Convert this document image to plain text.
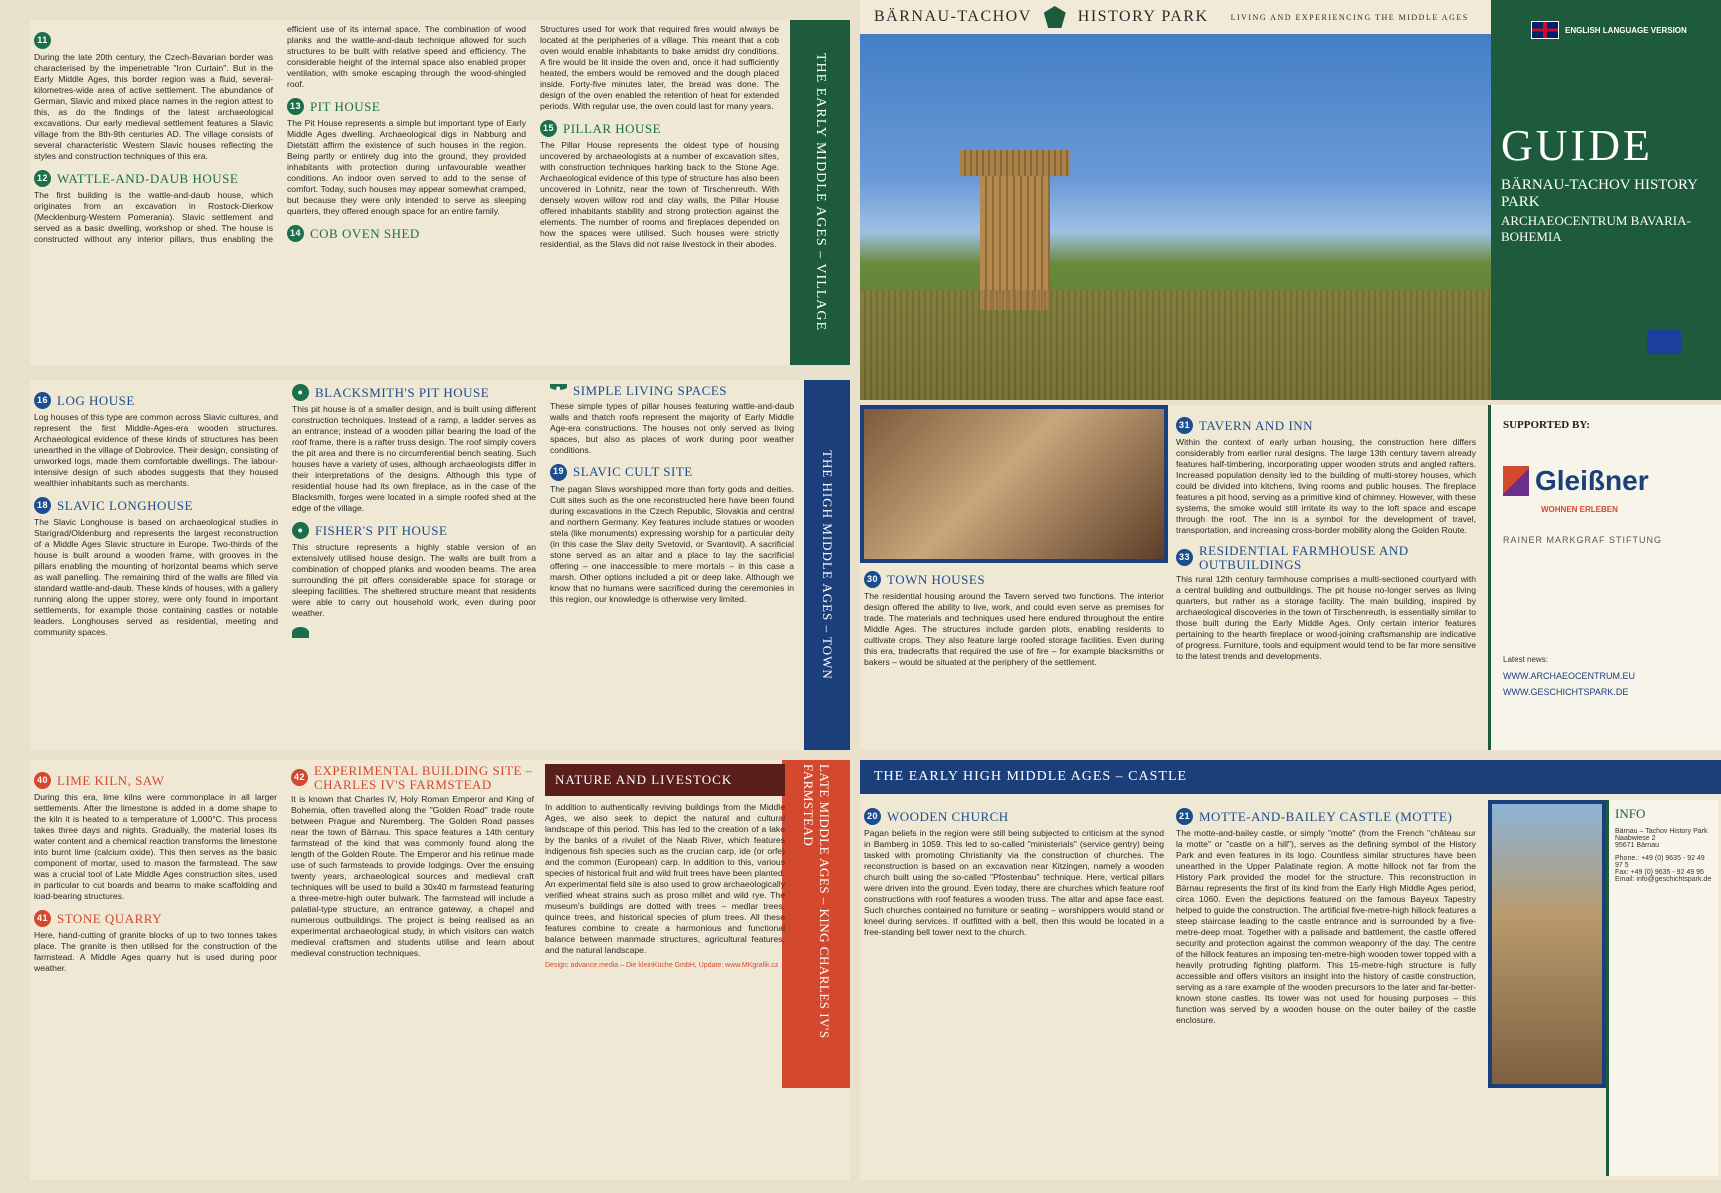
THE EARLY MIDDLE AGES – VILLAGE
11

During the late 20th century, the Czech-Bavarian border was characterised by the impenetrable "Iron Curtain". But in the Early Middle Ages, this border region was a fluid, several-kilometres-wide area of active settlement. The abundance of German, Slavic and mixed place names in the region attest to this, as do the findings of the latest archaeological excavations. Our early medieval settlement features a Slavic village from the 8th-9th centuries AD. The village consists of several characteristic Western Slavic houses reflecting the styles and construction techniques of this era.

12 WATTLE-AND-DAUB HOUSE

The first building is the wattle-and-daub house, which originates from an excavation in Rostock-Dierkow (Mecklenburg-Western Pomerania). Slavic settlement and served as a basic dwelling, workshop or shed. The house is constructed without any interior pillars, thus enabling the efficient use of its internal space. The combination of wood planks and the wattle-and-daub technique allowed for such structures to be built with relative speed and efficiency. The considerable height of the internal space also enabled proper ventilation, with smoke escaping through the wood-shingled roof.

13 PIT HOUSE

The Pit House represents a simple but important type of Early Middle Ages dwelling. Archaeological digs in Nabburg and Dietstätt affirm the existence of such houses in the region. Being partly or entirely dug into the ground, they provided inhabitants with protection during unfavourable weather conditions. An indoor oven served to add to the sense of comfort. Today, such houses may appear somewhat cramped, but because they were only intended to serve as sleeping quarters, they offered enough space for an entire family.

14 COB OVEN SHED

Structures used for work that required fires would always be located at the peripheries of a village. This meant that a cob oven would enable inhabitants to bake amidst dry conditions. A fire would be lit inside the oven and, once it had sufficiently heated, the embers would be removed and the dough placed inside. Forty-five minutes later, the bread was done. The design of the oven enabled the retention of heat for extended periods. With regular use, the oven could last for many years.

15 PILLAR HOUSE

The Pillar House represents the oldest type of housing uncovered by archaeologists at a number of excavation sites, with construction techniques harking back to the Stone Age. Archaeological evidence of this type of structure has also been uncovered in Lohnitz, near the town of Tirschenreuth. With densely woven willow rod and clay walls, the Pillar House offered inhabitants stability and strong protection against the elements. The number of rooms and fireplaces depended on how the spaces were utilised. Such houses were strictly residential, as the Slavs did not raise livestock in their abodes.

ENGLISH LANGUAGE VERSION
GUIDE
BÄRNAU-TACHOV HISTORY PARK
ARCHAEOCENTRUM BAVARIA-BOHEMIA
BÄRNAU-TACHOV	HISTORY PARK	LIVING AND EXPERIENCING THE MIDDLE AGES
THE HIGH MIDDLE AGES – TOWN
16 LOG HOUSE

Log houses of this type are common across Slavic cultures, and represent the first Middle-Ages-era wooden structures. Archaeological evidence of these kinds of structures has been unearthed in the village of Dobrovice. Their design, consisting of unworked logs, made them comfortable dwellings. The labour-intensive design of such abodes suggests that they housed wealthier inhabitants such as merchants.

18 SLAVIC LONGHOUSE

The Slavic Longhouse is based on archaeological studies in Starigrad/Oldenburg and represents the largest reconstruction of a Middle Ages Slavic structure in Europe. Two-thirds of the house is built around a wooden frame, with grooves in the pillars enabling the mounting of horizontal beams which serve as wall panelling. The remaining third of the walls are filled via standard wattle-and-daub. These kinds of houses, with a gallery running along the upper storey, were only found in important settlements, for example those containing castles or notable leaders. Longhouses served as residential, meeting and community spaces.

● BLACKSMITH'S PIT HOUSE

This pit house is of a smaller design, and is built using different construction techniques. Instead of a ramp, a ladder serves as an entrance; instead of a wooden pillar bearing the load of the roof frame, there is a rafter truss design. The roof simply covers the pit area and there is no circumferential bench seating. Such houses have a variety of uses, although archaeologists differ in their interpretations of the designs. Although this type of residential house had its own fireplace, as in the case of the Blacksmith, forges were located in a simple roofed shed at the edge of the village.

● FISHER'S PIT HOUSE

This structure represents a highly stable version of an extensively utilised house design. The walls are built from a combination of chopped planks and wooden beams. The area surrounding the pit offers considerable space for storage or sleeping facilities. The sheltered structure meant that residents were able to carry out household work, even during poor weather.

● SIMPLE LIVING SPACES

These simple types of pillar houses featuring wattle-and-daub walls and thatch roofs represent the majority of Early Middle Age-era constructions. The houses not only served as living spaces, but also as places of work during poor weather conditions.

19 SLAVIC CULT SITE

The pagan Slavs worshipped more than forty gods and deities. Cult sites such as the one reconstructed here have been found during excavations in the Czech Republic, Slovakia and central and northern Germany. Key features include statues or wooden stela (like monuments) expressing worship for a particular deity (in this case the Slav deity Svetovid, or Svantovit). A sacrificial stone served as an altar and a place to lay the sacrificial offering – one inaccessible to mere mortals – in this case a marsh. Other options included a pit or deep lake. Although we know that no humans were sacrificed during the ceremonies in this region, our knowledge is otherwise very limited.

30 TOWN HOUSES

The residential housing around the Tavern served two functions. The interior design offered the ability to live, work, and could even serve as premises for trade. The materials and techniques used here endured throughout the entire Middle Ages. The structures include garden plots, enabling residents to cultivate crops. They also feature large roofed storage facilities. Even during this era, tradecrafts that required the use of fire – for example blacksmiths or bakers – would be situated at the periphery of the settlement.

31 TAVERN AND INN

Within the context of early urban housing, the construction here differs considerably from earlier rural designs. The large 13th century tavern already features half-timbering, incorporating upper wooden struts and angled rafters. Increased population density led to the building of multi-storey houses, which could be divided into kitchens, living rooms and public houses. The fireplace features a pit hood, serving as a primitive kind of chimney. However, with these systems, the smoke would still irritate its way to the loft space and escape through the roof. The inn is a symbol for the development of travel, transportation, and increasing cross-border mobility along the Golden Route.

33 RESIDENTIAL FARMHOUSE AND OUTBUILDINGS

This rural 12th century farmhouse comprises a multi-sectioned courtyard with a central building and outbuildings. The pit house no-longer serves as living quarters, but rather as a storage facility. The main building, inspired by archaeological discoveries in the town of Tirschenreuth, is essentially similar to those built during the Early Middle Ages. Only certain interior features pertaining to the hearth fireplace or wood-joining craftsmanship are indicative of progress. Furniture, tools and equipment would tend to be far more sensitive to the latest trends and developments.

SUPPORTED BY:
Gleißner
WOHNEN ERLEBEN
RAINER MARKGRAF STIFTUNG
Latest news:
WWW.ARCHAEOCENTRUM.EU
WWW.GESCHICHTSPARK.DE
LATE MIDDLE AGES – KING CHARLES IV'S FARMSTEAD
40 LIME KILN, SAW

During this era, lime kilns were commonplace in all larger settlements. After the limestone is added in a dome shape to the kiln it is heated to a temperature of 1,000°C. This process takes three days and nights. Gradually, the material loses its water content and a chemical reaction transforms the limestone into burnt lime (calcium oxide). This then serves as the basic component of mortar, used to mason the farmstead. The saw was a crucial tool of Late Middle Ages construction sites, used in particular to cut boards and beams to make scaffolding and load-bearing structures.

41 STONE QUARRY

Here, hand-cutting of granite blocks of up to two tonnes takes place. The granite is then utilised for the construction of the farmstead. A Middle Ages quarry hut is used during poor weather.

42 EXPERIMENTAL BUILDING SITE – CHARLES IV'S FARMSTEAD

It is known that Charles IV, Holy Roman Emperor and King of Bohemia, often travelled along the "Golden Road" trade route between Prague and Nuremberg. The Golden Road passes near the town of Bärnau. This space features a 14th century farmstead of the kind that was commonly found along the length of the Golden Route. The Emperor and his retinue made use of such farmsteads to provide lodgings. Over the ensuing twenty years, archaeological sources and medieval craft techniques will be used to build a 30x40 m farmstead featuring a three-metre-high outer bulwark. The farmstead will include a palatial-type structure, an entrance gateway, a chapel and numerous outbuildings. The project is being realised as an experimental archaeological study, in which visitors can watch medieval craftsmen and students utilise and learn about medieval construction techniques.

NATURE AND LIVESTOCK

In addition to authentically reviving buildings from the Middle Ages, we also seek to depict the natural and cultural landscape of this period. This has led to the creation of a lake by the banks of a rivulet of the Naab River, which features indigenous fish species such as the crucian carp, ide (or orfe) and the common (European) carp. In addition to this, various species of historical fruit and wild fruit trees have been planted. An experimental field site is also used to grow archaeologically verified wheat strains such as proso millet and wild rye. The museum's buildings are dotted with trees – medlar trees, quince trees, and historical species of plum trees. All these features combine to create a harmonious and functional balance between manmade structures, agricultural features, and the natural landscape.

Design: advance.media – Die kleinKüche GmbH, Update: www.MKgrafik.cz
THE EARLY HIGH MIDDLE AGES – CASTLE
20 WOODEN CHURCH

Pagan beliefs in the region were still being subjected to criticism at the synod in Bamberg in 1059. This led to so-called "ministerials" (service gentry) being tasked with promoting Christianity via the construction of churches. The reconstruction is based on an excavation near Kitzingen, namely a wooden church built using the so-called "Pfostenbau" technique. Here, vertical pillars were driven into the ground. Even today, there are churches which feature roof constructions with roof features a wooden truss. The altar and apse face east. Such churches contained no furniture or seating – worshippers would stand or kneel during services. If outfitted with a bell, then this would be located in a free-standing bell tower next to the church.

21 MOTTE-AND-BAILEY CASTLE (MOTTE)

The motte-and-bailey castle, or simply "motte" (from the French "château sur la motte" or "castle on a hill"), serves as the defining symbol of the History Park and even features in its logo. Countless similar structures have been unearthed in the Upper Palatinate region. A motte hillock not far from the History Park provided the model for the structure. This reconstruction in Bärnau represents the first of its kind from the Early High Middle Ages period, circa 1060. Even the depictions featured on the famous Bayeux Tapestry helped to guide the construction. The artificial five-metre-high hillock features a steep staircase leading to the castle entrance and is surrounded by a five-metre-deep moat. Together with a palisade and battlement, the castle offered security and protection against the common weaponry of the day. The centre of the hillock features an imposing ten-metre-high wooden tower topped with a heavily protruding fighting platform. This 15-metre-high structure is fully accessible and offers visitors an insight into the history of castle construction, serving as a rare example of the wooden precursors to the later and far-better-known stone castles. Its tower was not used for housing purposes – this function was served by a wooden house on the outer bailey of the castle enclosure.

INFO
Bärnau – Tachov History Park
Naabwiese 2
95671 Bärnau
Phone.: +49 (0) 9635 - 92 49 97 5
Fax: +49 (0) 9635 - 92 49 95
Email: info@geschichtspark.de
